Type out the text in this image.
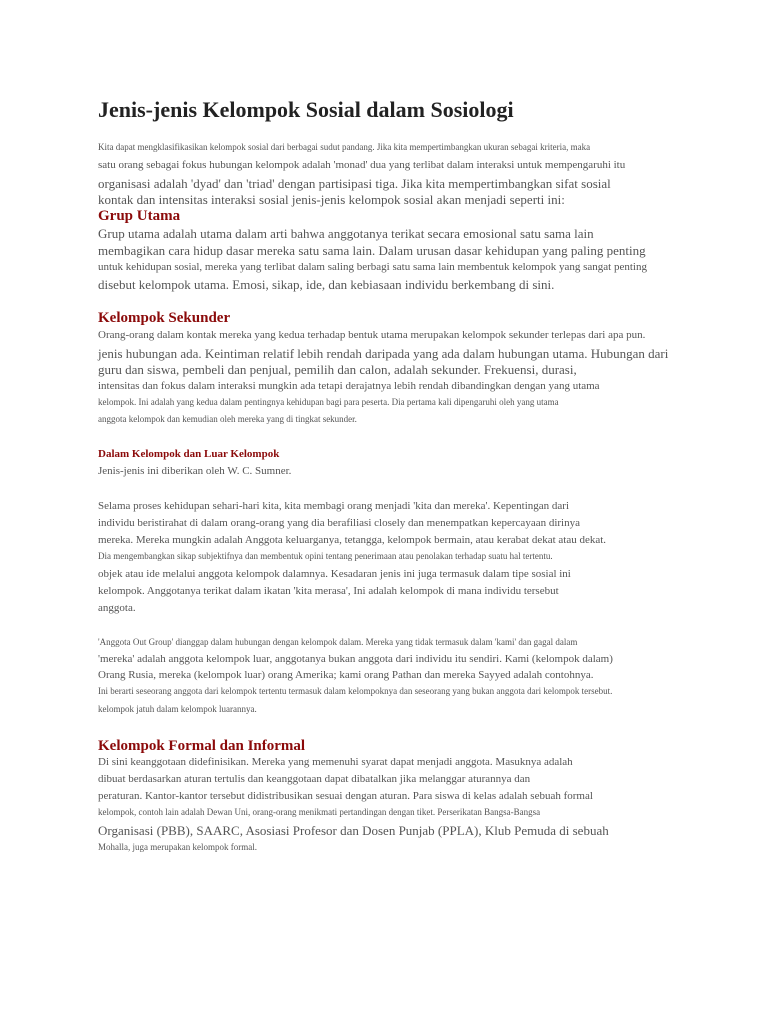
Jenis-jenis Kelompok Sosial dalam Sosiologi
Kita dapat mengklasifikasikan kelompok sosial dari berbagai sudut pandang. Jika kita mempertimbangkan ukuran sebagai kriteria, maka
satu orang sebagai fokus hubungan kelompok adalah 'monad' dua yang terlibat dalam interaksi untuk mempengaruhi itu
organisasi adalah 'dyad' dan 'triad' dengan partisipasi tiga. Jika kita mempertimbangkan sifat sosial
kontak dan intensitas interaksi sosial jenis-jenis kelompok sosial akan menjadi seperti ini:
Grup Utama
Grup utama adalah utama dalam arti bahwa anggotanya terikat secara emosional satu sama lain
membagikan cara hidup dasar mereka satu sama lain. Dalam urusan dasar kehidupan yang paling penting
untuk kehidupan sosial, mereka yang terlibat dalam saling berbagi satu sama lain membentuk kelompok yang sangat penting
disebut kelompok utama. Emosi, sikap, ide, dan kebiasaan individu berkembang di sini.
Kelompok Sekunder
Orang-orang dalam kontak mereka yang kedua terhadap bentuk utama merupakan kelompok sekunder terlepas dari apa pun.
jenis hubungan ada. Keintiman relatif lebih rendah daripada yang ada dalam hubungan utama. Hubungan dari
guru dan siswa, pembeli dan penjual, pemilih dan calon, adalah sekunder. Frekuensi, durasi,
intensitas dan fokus dalam interaksi mungkin ada tetapi derajatnya lebih rendah dibandingkan dengan yang utama
kelompok. Ini adalah yang kedua dalam pentingnya kehidupan bagi para peserta. Dia pertama kali dipengaruhi oleh yang utama
anggota kelompok dan kemudian oleh mereka yang di tingkat sekunder.
Dalam Kelompok dan Luar Kelompok
Jenis-jenis ini diberikan oleh W. C. Sumner.
Selama proses kehidupan sehari-hari kita, kita membagi orang menjadi 'kita dan mereka'. Kepentingan dari
individu beristirahat di dalam orang-orang yang dia berafiliasi closely dan menempatkan kepercayaan dirinya
mereka. Mereka mungkin adalah Anggota keluarganya, tetangga, kelompok bermain, atau kerabat dekat atau dekat.
Dia mengembangkan sikap subjektifnya dan membentuk opini tentang penerimaan atau penolakan terhadap suatu hal tertentu.
objek atau ide melalui anggota kelompok dalamnya. Kesadaran jenis ini juga termasuk dalam tipe sosial ini
kelompok. Anggotanya terikat dalam ikatan 'kita merasa', Ini adalah kelompok di mana individu tersebut
anggota.
'Anggota Out Group' dianggap dalam hubungan dengan kelompok dalam. Mereka yang tidak termasuk dalam 'kami' dan gagal dalam
'mereka' adalah anggota kelompok luar, anggotanya bukan anggota dari individu itu sendiri. Kami (kelompok dalam)
Orang Rusia, mereka (kelompok luar) orang Amerika; kami orang Pathan dan mereka Sayyed adalah contohnya.
Ini berarti seseorang anggota dari kelompok tertentu termasuk dalam kelompoknya dan seseorang yang bukan anggota dari kelompok tersebut.
kelompok jatuh dalam kelompok luarannya.
Kelompok Formal dan Informal
Di sini keanggotaan didefinisikan. Mereka yang memenuhi syarat dapat menjadi anggota. Masuknya adalah
dibuat berdasarkan aturan tertulis dan keanggotaan dapat dibatalkan jika melanggar aturannya dan
peraturan. Kantor-kantor tersebut didistribusikan sesuai dengan aturan. Para siswa di kelas adalah sebuah formal
kelompok, contoh lain adalah Dewan Uni, orang-orang menikmati pertandingan dengan tiket. Perserikatan Bangsa-Bangsa
Organisasi (PBB), SAARC, Asosiasi Profesor dan Dosen Punjab (PPLA), Klub Pemuda di sebuah
Mohalla, juga merupakan kelompok formal.
